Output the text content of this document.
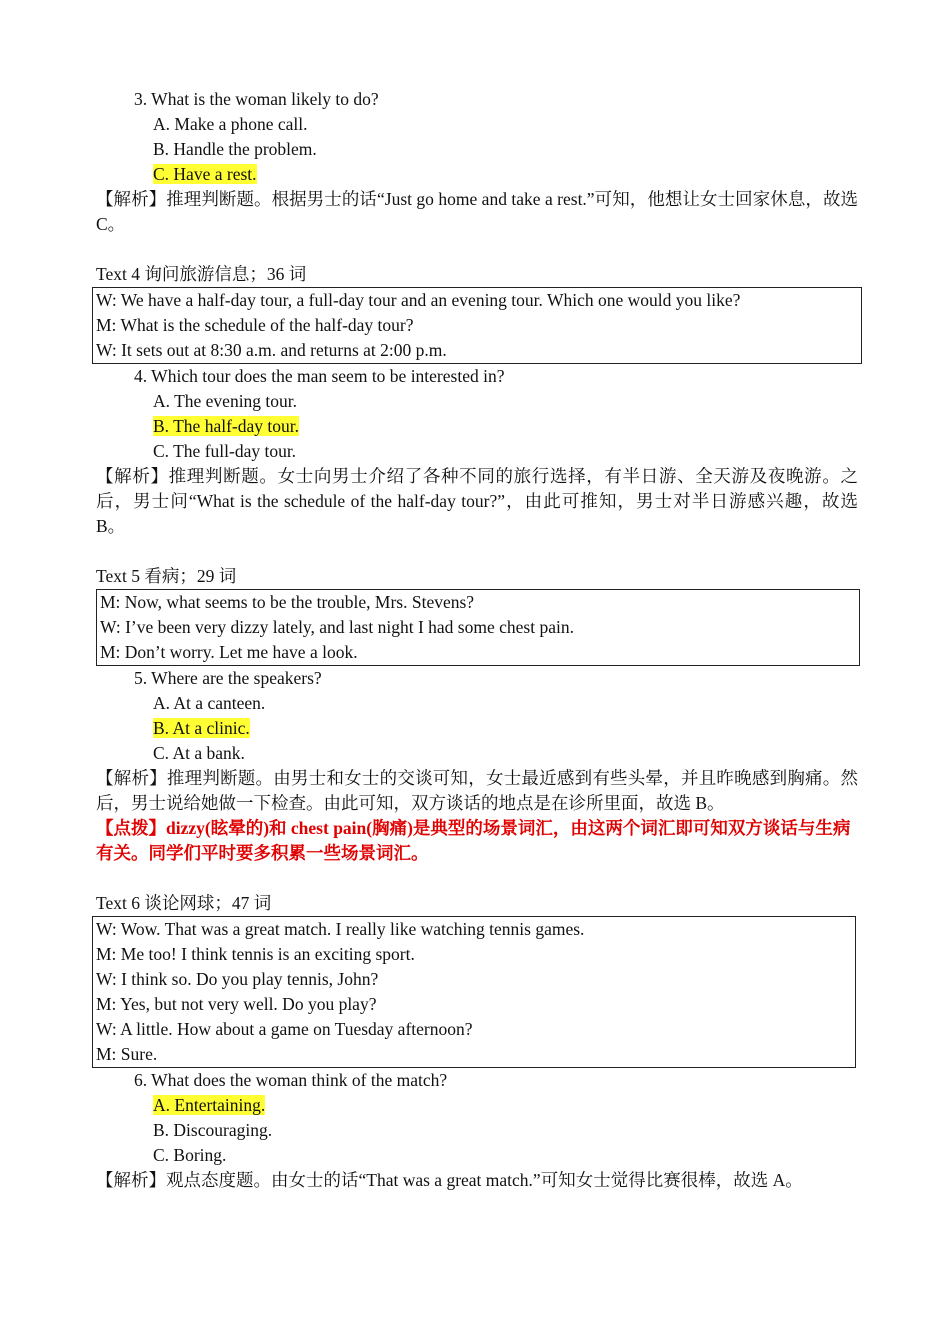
3. What is the woman likely to do?
A. Make a phone call.
B. Handle the problem.
C. Have a rest.
【解析】推理判断题。根据男士的话“Just go home and take a rest.”可知，他想让女士回家休息，故选 C。
Text 4 询问旅游信息；36 词
W: We have a half-day tour, a full-day tour and an evening tour. Which one would you like?
M: What is the schedule of the half-day tour?
W: It sets out at 8:30 a.m. and returns at 2:00 p.m.
4. Which tour does the man seem to be interested in?
A. The evening tour.
B. The half-day tour.
C. The full-day tour.
【解析】推理判断题。女士向男士介绍了各种不同的旅行选择，有半日游、全天游及夜晚游。之后，男士问“What is the schedule of the half-day tour?”，由此可推知，男士对半日游感兴趣，故选 B。
Text 5 看病；29 词
M: Now, what seems to be the trouble, Mrs. Stevens?
W: I’ve been very dizzy lately, and last night I had some chest pain.
M: Don’t worry. Let me have a look.
5. Where are the speakers?
A. At a canteen.
B. At a clinic.
C. At a bank.
【解析】推理判断题。由男士和女士的交谈可知，女士最近感到有些头晕，并且昨晚感到胸痛。然后，男士说给她做一下检查。由此可知，双方谈话的地点是在诊所里面，故选 B。
【点拨】dizzy(眩晕的)和 chest pain(胸痛)是典型的场景词汇，由这两个词汇即可知双方谈话与生病有关。同学们平时要多积累一些场景词汇。
Text 6 谈论网球；47 词
W: Wow. That was a great match. I really like watching tennis games.
M: Me too! I think tennis is an exciting sport.
W: I think so. Do you play tennis, John?
M: Yes, but not very well. Do you play?
W: A little. How about a game on Tuesday afternoon?
M: Sure.
6. What does the woman think of the match?
A. Entertaining.
B. Discouraging.
C. Boring.
【解析】观点态度题。由女士的话“That was a great match.”可知女士觉得比赛很棒，故选 A。
